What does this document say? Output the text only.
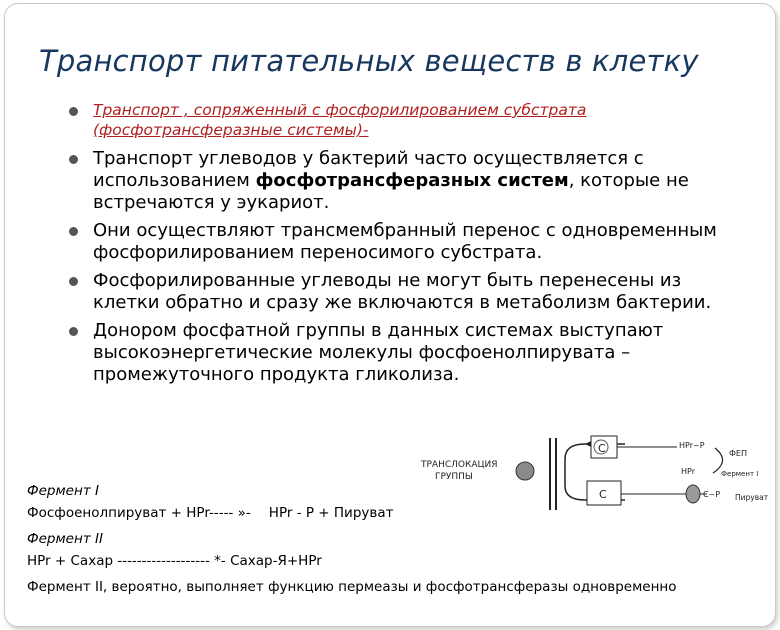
Транспорт питательных веществ в клетку
Транспорт , сопряженный с фосфорилированием субстрата (фосфотрансферазные системы)-
Транспорт углеводов у бактерий часто осуществляется с использованием фосфотрансферазных систем, которые не встречаются у эукариот.
Они осуществляют трансмембранный перенос с одновременным фосфорилированием переносимого субстрата.
Фосфорилированные углеводы не могут быть перенесены из клетки обратно и сразу же включаются в метаболизм бактерии.
Донором фосфатной группы в данных системах выступают высокоэнергетические молекулы фосфоенолпирувата – промежуточного продукта гликолиза.
ТРАНСЛОКАЦИЯ
ГРУППЫ
С
С
HPr~P
HPr
ФЕП
Фермент I
Пируват
С~Р
Фермент I
Фосфоенолпируват + HPr----- »- HPr - P + Пируват
Фермент II
HPr + Сахар ------------------- *- Сахар-Я+HPr
Фермент II, вероятно, выполняет функцию пермеазы и фосфотрансферазы одновременно
